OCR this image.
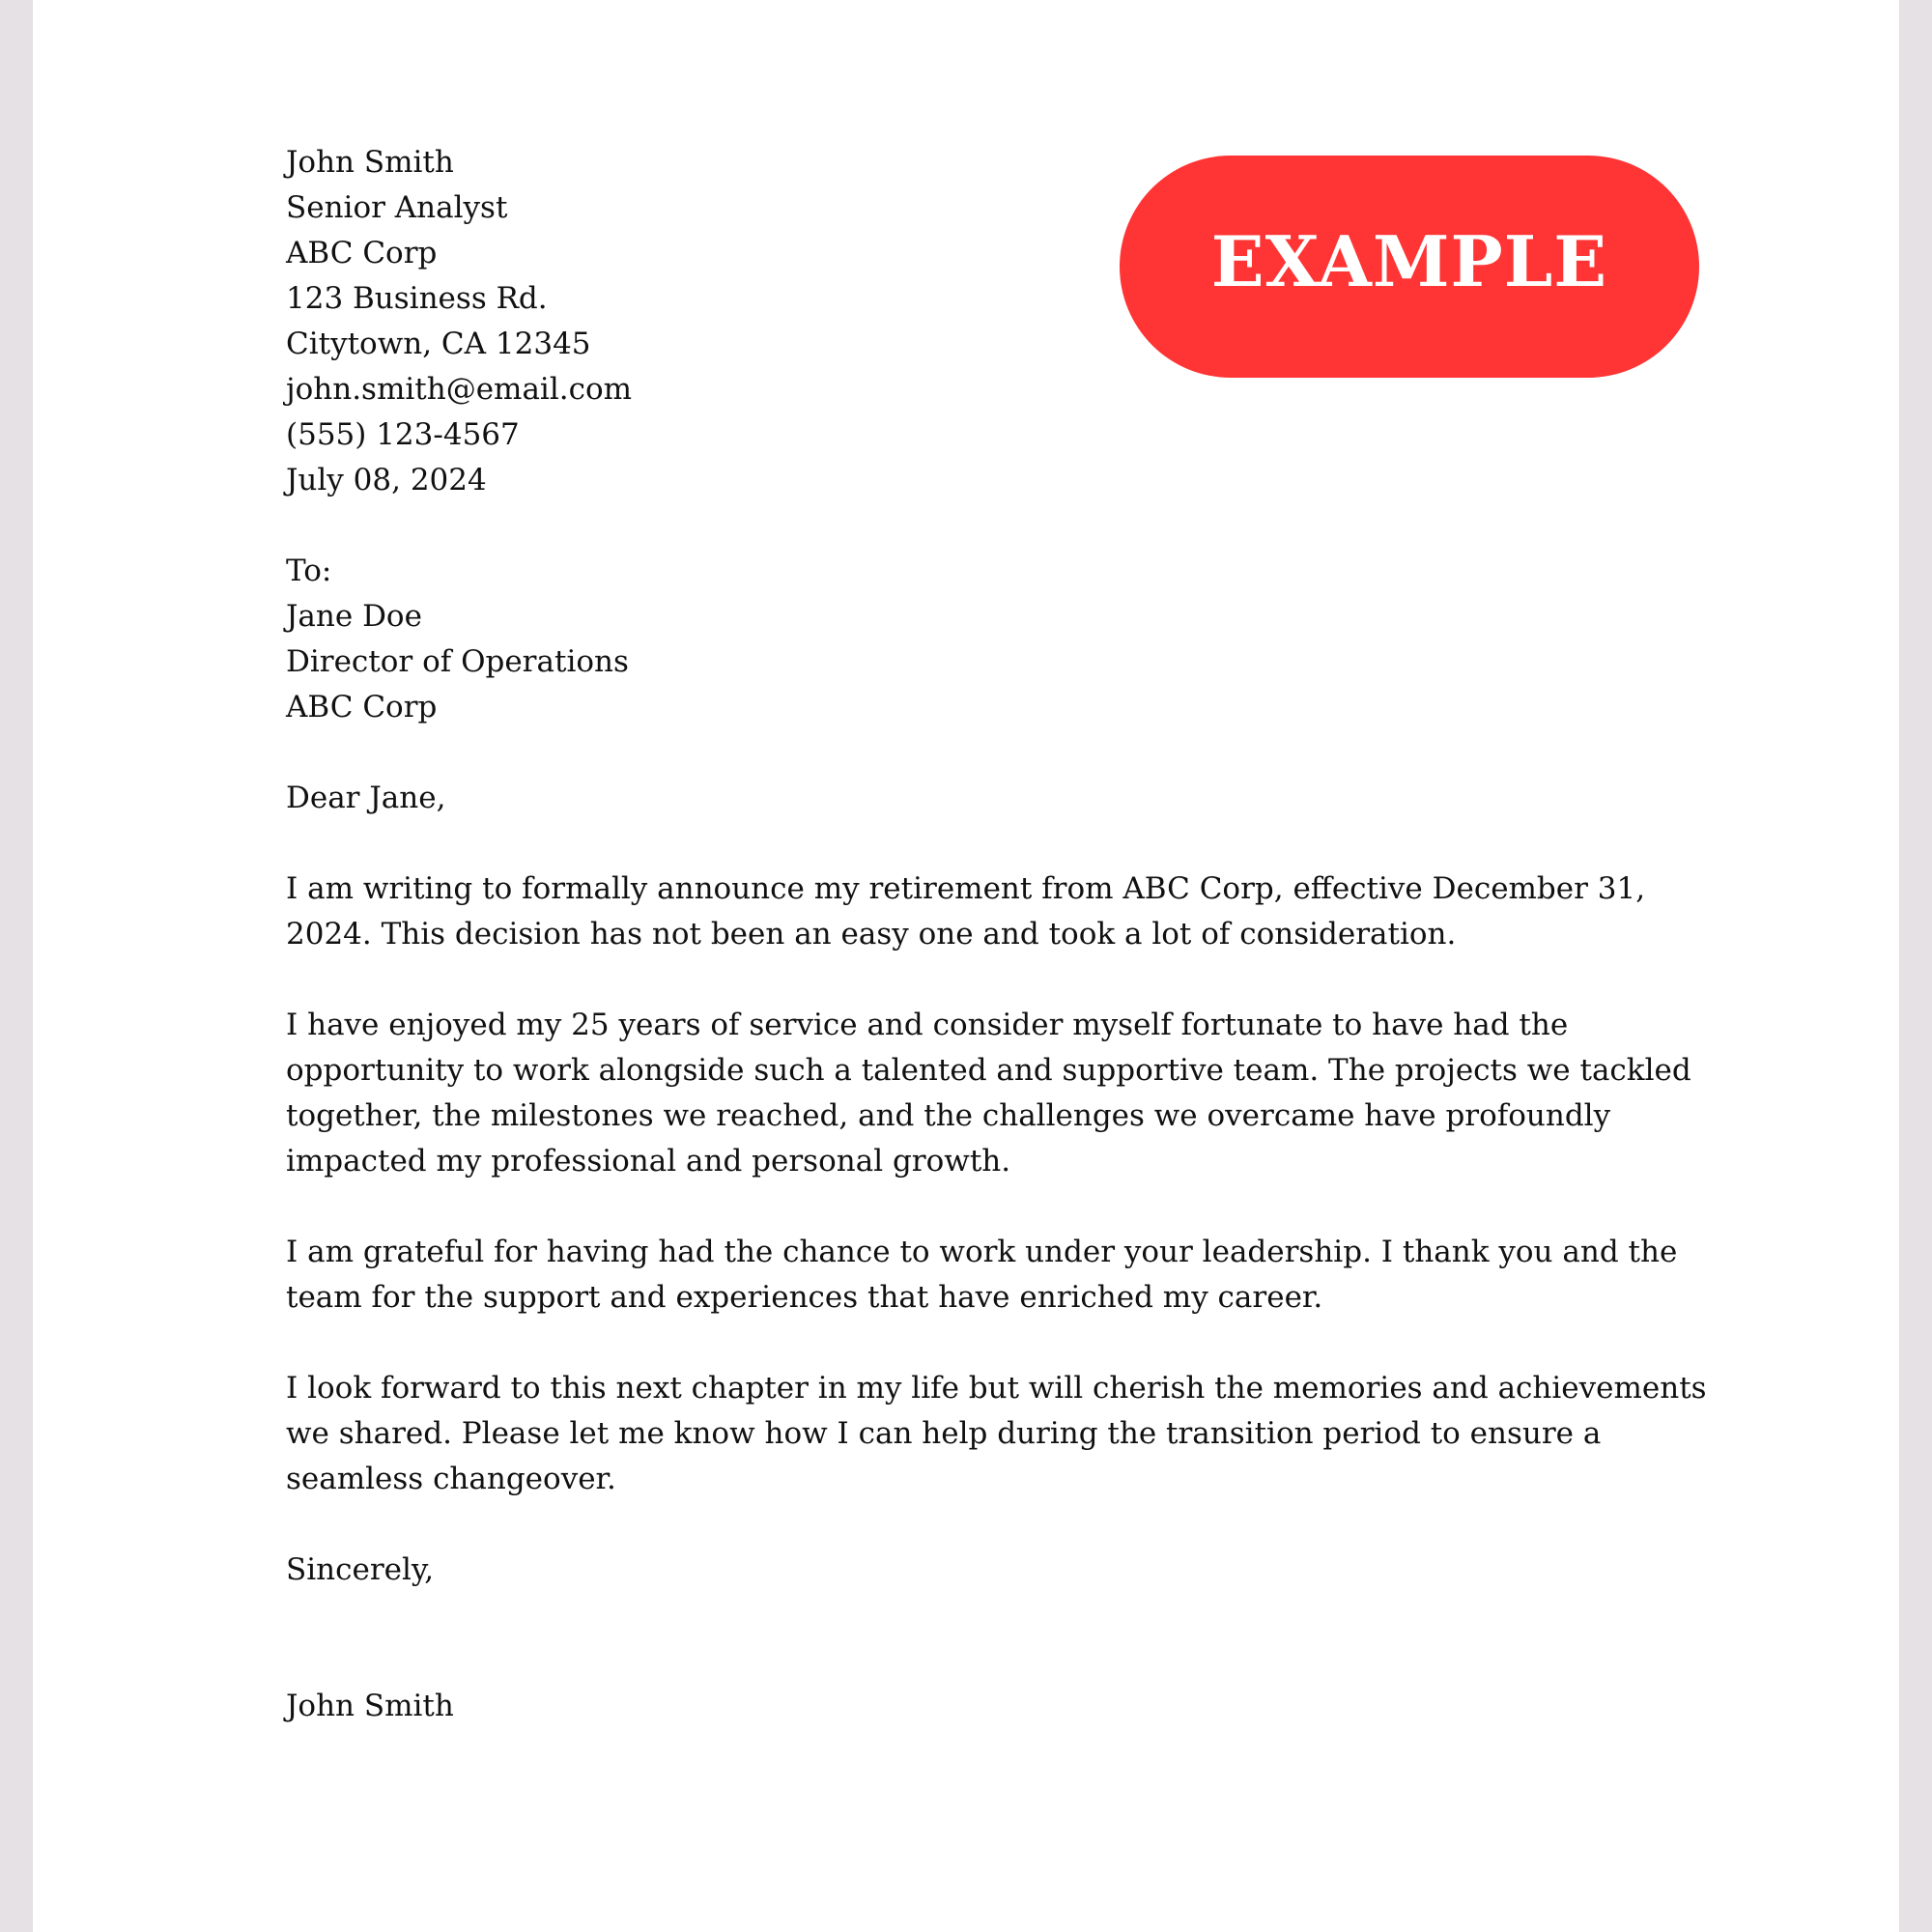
EXAMPLE
John Smith
Senior Analyst
ABC Corp
123 Business Rd.
Citytown, CA 12345
john.smith@email.com
(555) 123-4567
July 08, 2024
To:
Jane Doe
Director of Operations
ABC Corp
Dear Jane,

I am writing to formally announce my retirement from ABC Corp, effective December 31, 2024. This decision has not been an easy one and took a lot of consideration.

I have enjoyed my 25 years of service and consider myself fortunate to have had the opportunity to work alongside such a talented and supportive team. The projects we tackled together, the milestones we reached, and the challenges we overcame have profoundly impacted my professional and personal growth.

I am grateful for having had the chance to work under your leadership. I thank you and the team for the support and experiences that have enriched my career.

I look forward to this next chapter in my life but will cherish the memories and achievements we shared. Please let me know how I can help during the transition period to ensure a seamless changeover.

Sincerely,
John Smith
